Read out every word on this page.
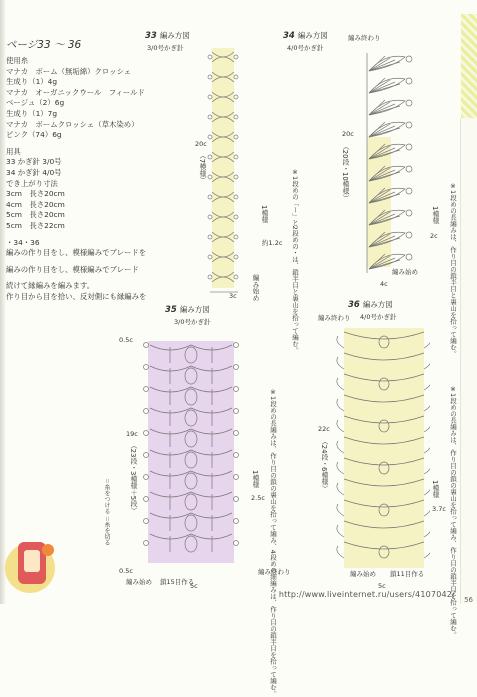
ページ33 〜 36
使用糸
マナカ　ボーム（無垢綿）クロッシェ
生成り（1）4g
マナカ　オーガニックウール　フィールド
ベージュ（2）6g
生成り（1）7g
マナカ　ボームクロッシェ（草木染め）
ピンク（74）6g
用具
33 かぎ針 3/0号
34 かぎ針 4/0号
でき上がり寸法
3cm　長さ20cm
4cm　長さ20cm
5cm　長さ20cm
5cm　長さ22cm
・34・36
編みの作り目をし、模様編みでブレードを
編みの作り目をし、模様編みでブレード
続けて縁編みを編みます。
作り目から目を拾い、反対側にも縁編みを
33 編み方図
3/0号かぎ針
3c
20c
（7模様）
1模様
約1.2c
編み始め	※1段めの「ー」と2段めの・は、鎖半目と裏山を拾って編む。
34 編み方図
4/0号かぎ針
編み終わり
20c
（20段・10模様）
4c
編み始め
1模様
2c ※1段めの長編みは、作り目の鎖半目と裏山を拾って編む。
35 編み方図
3/0号かぎ針
0.5c
0.5c
19c
（23段・3模様＋5段）
＝糸をつける ＝糸を切る
5c
編み始め 鎖15目作る
1模様
2.5c
編み終わり
※1段めの長編みは、作り目の鎖の裏山を拾って編み、4段めの細編みは、作り目の鎖半目を拾って編む。
36 編み方図
4/0号かぎ針
編み終わり
22c
（24段・6模様）
5c
編み始め 鎖11目作る
1模様
3.7c ※1段めの長編みは、作り目の鎖の裏山を拾って編み、作り目の鎖半目を拾って編む。
http://www.liveinternet.ru/users/4107042/
56
